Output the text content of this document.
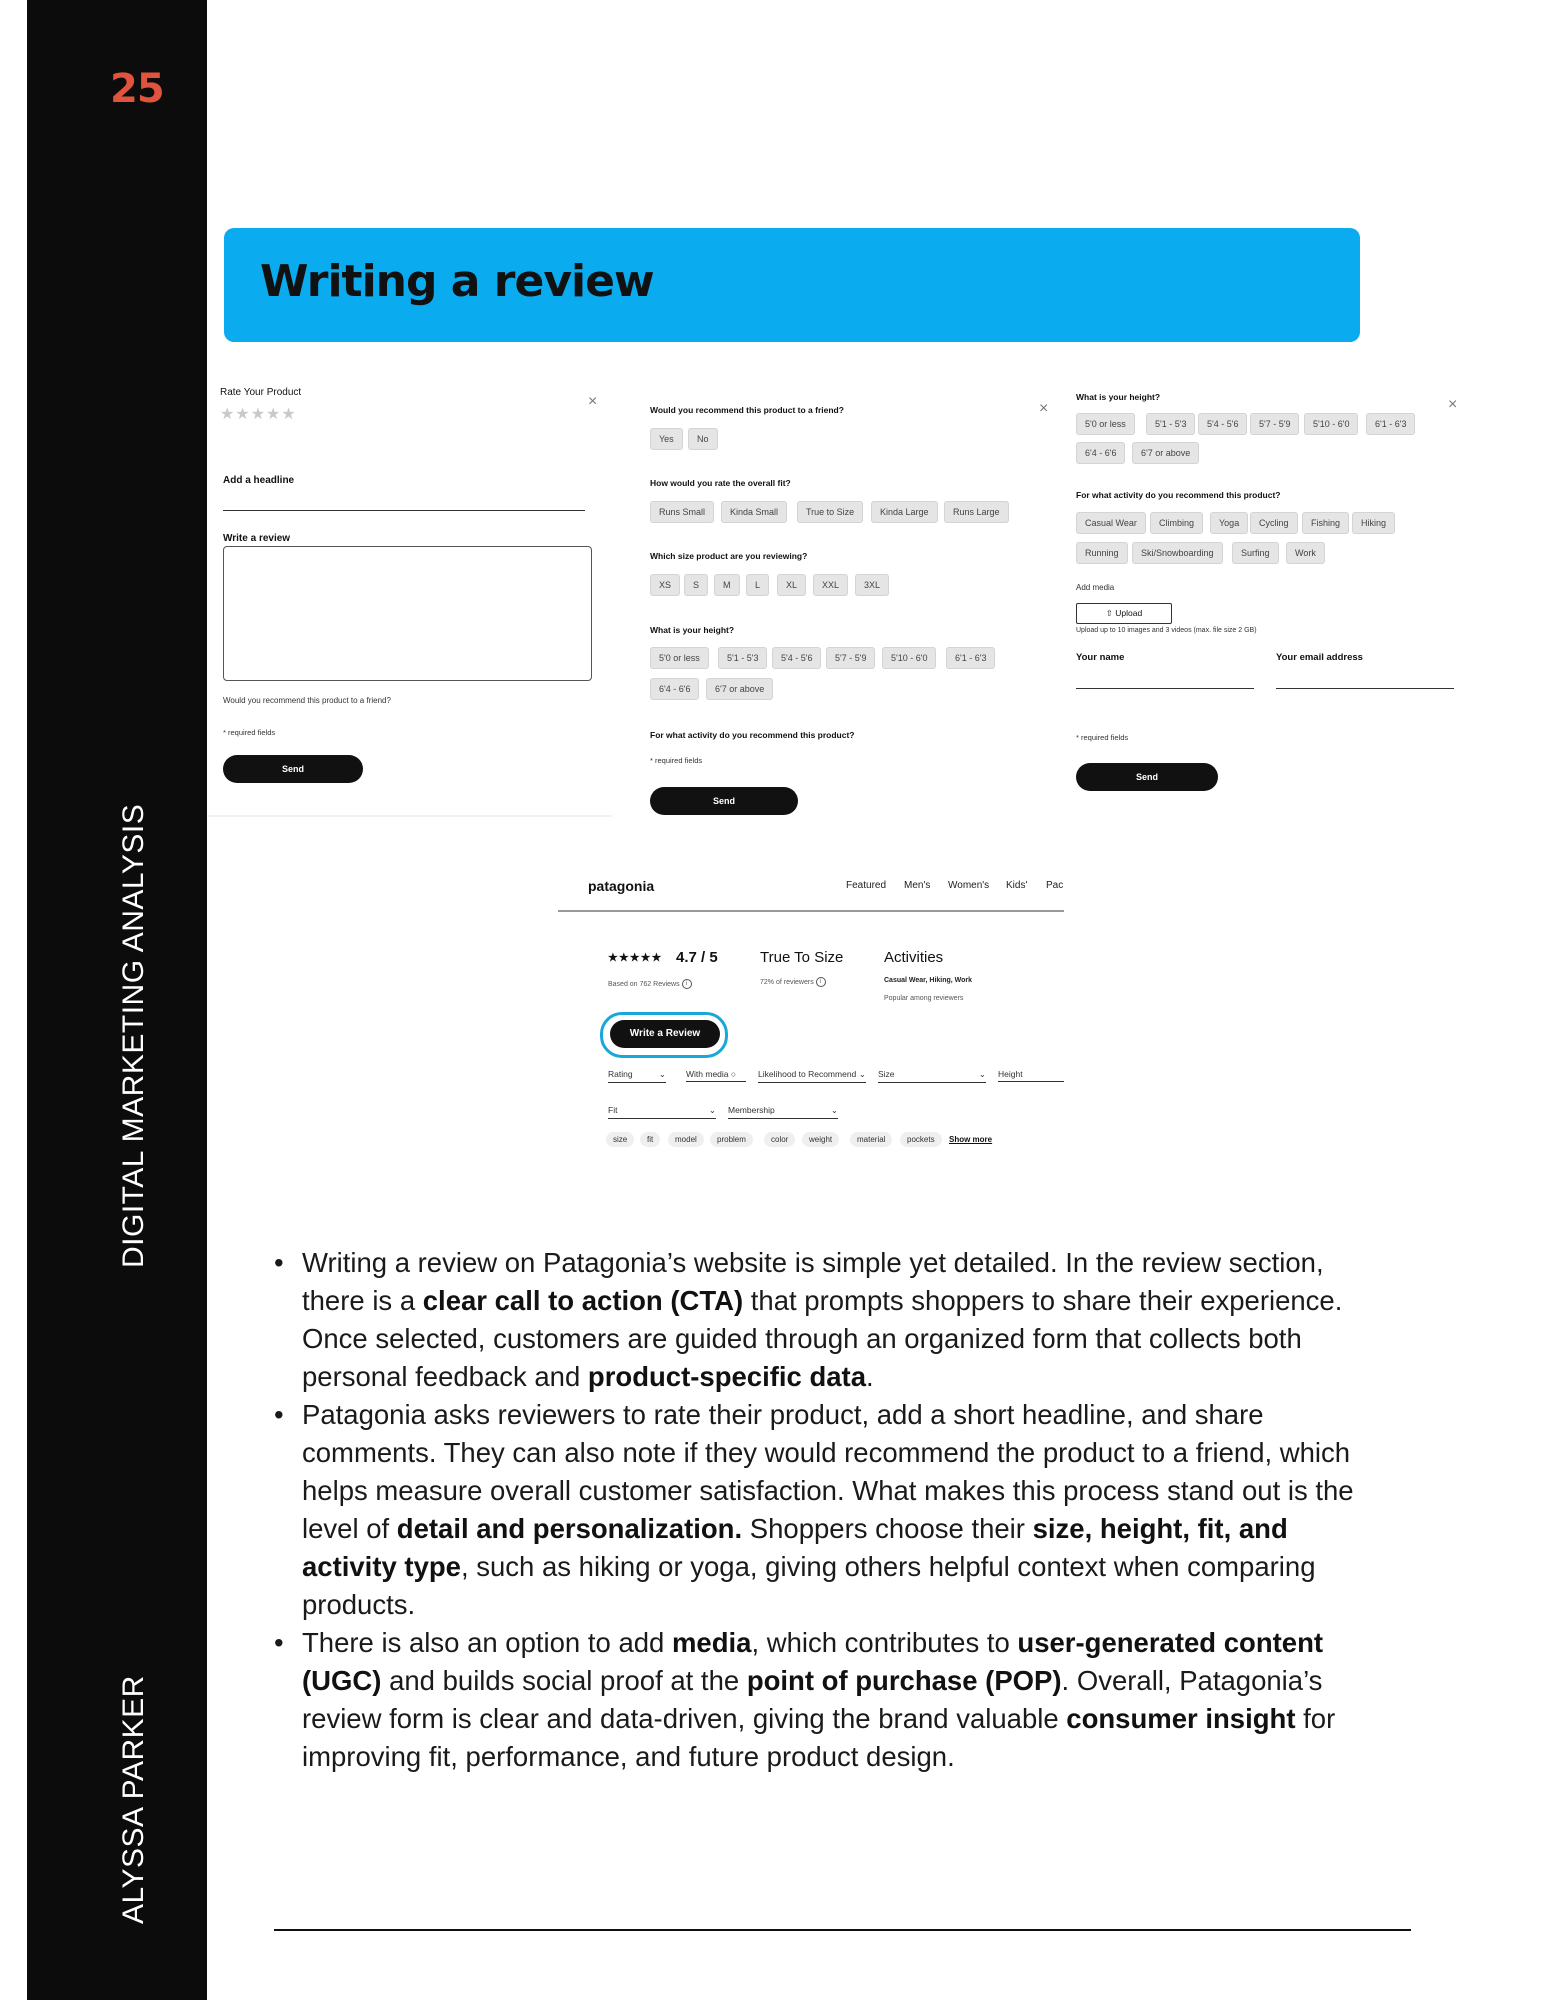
25
DIGITAL MARKETING ANALYSIS
ALYSSA PARKER
Writing a review
Rate Your Product
★★★★★
×
Add a headline
Write a review
Would you recommend this product to a friend?
* required fields
Send
Would you recommend this product to a friend?	×
Yes	No
How would you rate the overall fit?
Runs Small	Kinda Small	True to Size	Kinda Large	Runs Large
Which size product are you reviewing?
XS	S	M	L	XL	XXL	3XL
What is your height?
5'0 or less	5'1 - 5'3	5'4 - 5'6	5'7 - 5'9	5'10 - 6'0	6'1 - 6'3
6'4 - 6'6	6'7 or above
For what activity do you recommend this product?
* required fields
Send
What is your height?	×
5'0 or less	5'1 - 5'3	5'4 - 5'6	5'7 - 5'9	5'10 - 6'0	6'1 - 6'3
6'4 - 6'6	6'7 or above
For what activity do you recommend this product?
Casual Wear	Climbing	Yoga	Cycling	Fishing	Hiking
Running	Ski/Snowboarding	Surfing	Work
Add media
⇧ Upload
Upload up to 10 images and 3 videos (max. file size 2 GB)
Your name	Your email address
* required fields
Send
patagonia	Featured Men's Women's Kids' Pac
★★★★★ 4.7 / 5
Based on 762 Reviews i
True To Size
72% of reviewers i
Activities
Casual Wear, Hiking, Work
Popular among reviewers
Write a Review
Rating	⌄ With media ○	Likelihood to Recommend ⌄ Size	⌄ Height
Fit	⌄ Membership	⌄
size	fit	model	problem	color	weight	material	pockets	Show more
• Writing a review on Patagonia’s website is simple yet detailed. In the review section, there is a clear call to action (CTA) that prompts shoppers to share their experience. Once selected, customers are guided through an organized form that collects both personal feedback and product-specific data.
• Patagonia asks reviewers to rate their product, add a short headline, and share comments. They can also note if they would recommend the product to a friend, which helps measure overall customer satisfaction. What makes this process stand out is the level of detail and personalization. Shoppers choose their size, height, fit, and activity type, such as hiking or yoga, giving others helpful context when comparing products.
• There is also an option to add media, which contributes to user-generated content (UGC) and builds social proof at the point of purchase (POP). Overall, Patagonia’s review form is clear and data-driven, giving the brand valuable consumer insight for improving fit, performance, and future product design.
